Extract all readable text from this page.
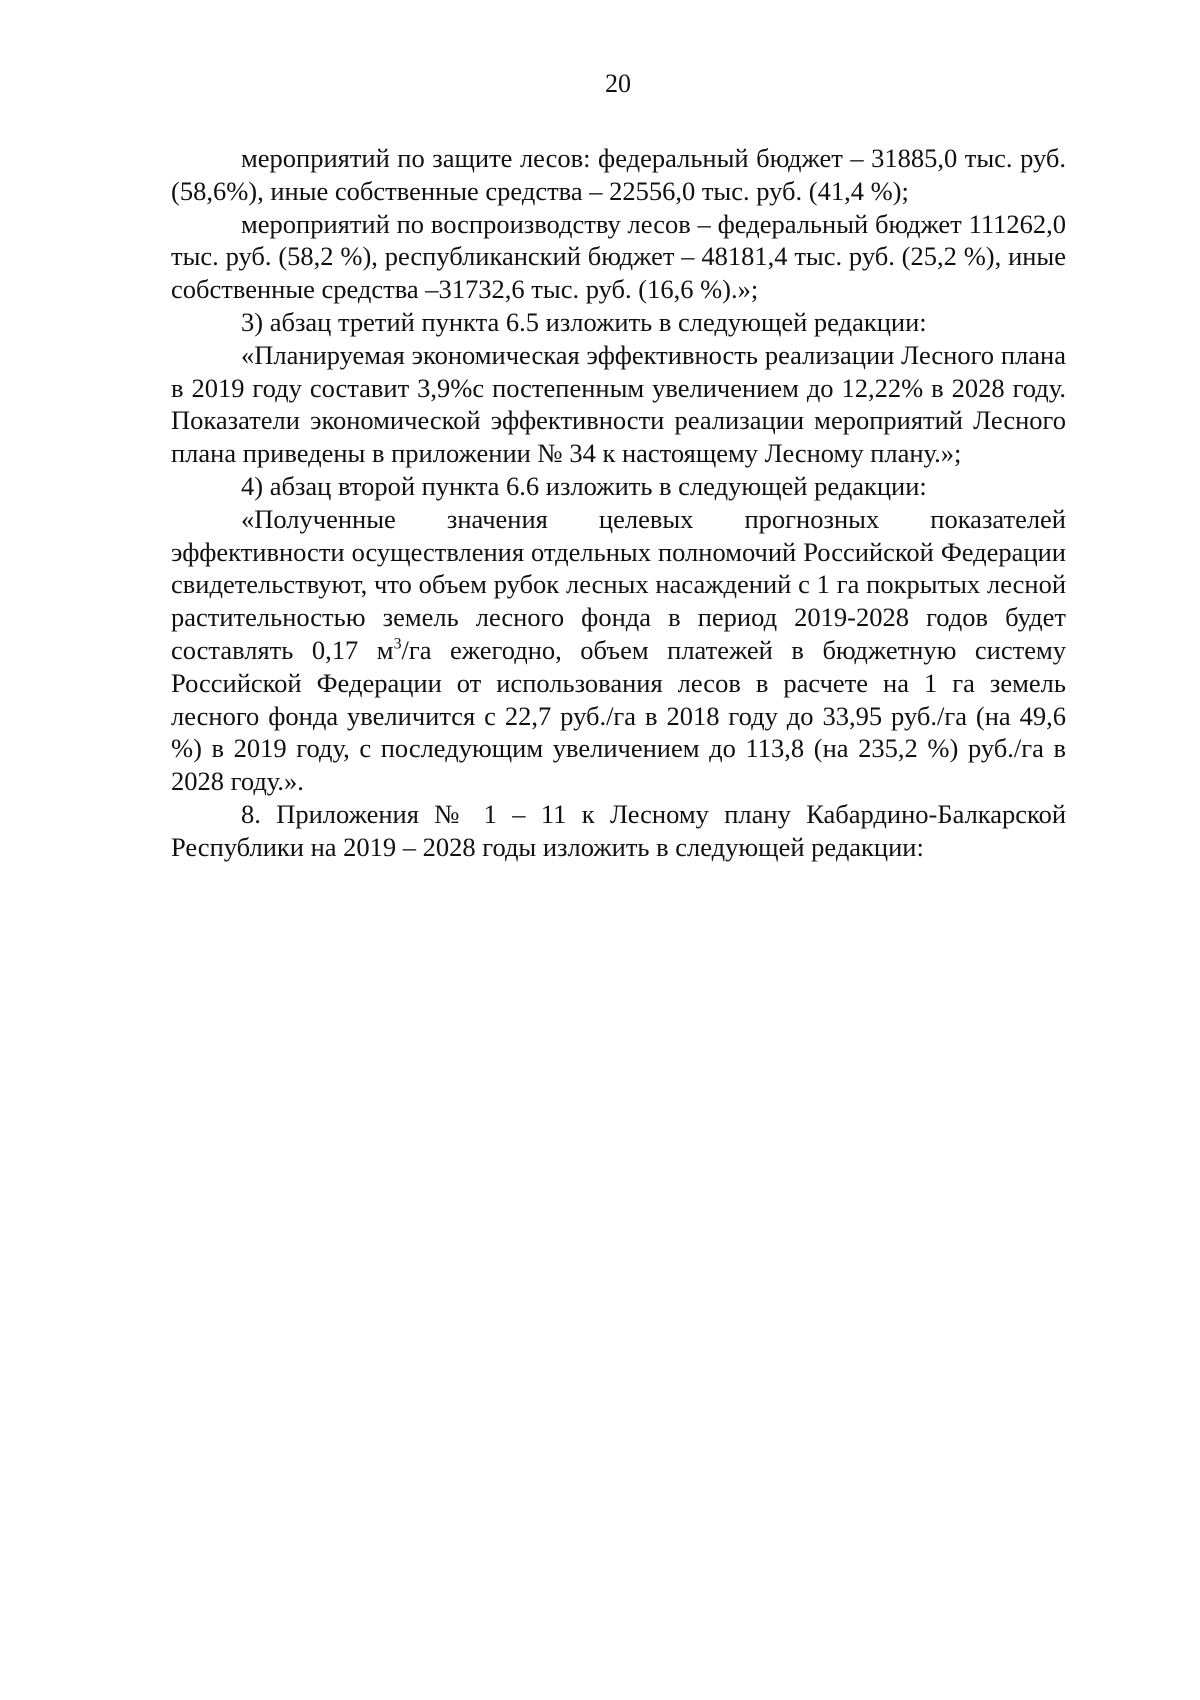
20

мероприятий по защите лесов: федеральный бюджет – 31885,0 тыс. руб. (58,6%), иные собственные средства – 22556,0 тыс. руб. (41,4 %);

мероприятий по воспроизводству лесов – федеральный бюджет 111262,0 тыс. руб. (58,2 %), республиканский бюджет – 48181,4 тыс. руб. (25,2 %), иные собственные средства –31732,6 тыс. руб. (16,6 %).»;

3) абзац третий пункта 6.5 изложить в следующей редакции:

«Планируемая экономическая эффективность реализации Лесного плана в 2019 году составит 3,9%с постепенным увеличением до 12,22% в 2028 году. Показатели экономической эффективности реализации мероприятий Лесного плана приведены в приложении № 34 к настоящему Лесному плану.»;

4) абзац второй пункта 6.6 изложить в следующей редакции:

«Полученные значения целевых прогнозных показателей эффективности осуществления отдельных полномочий Российской Федерации свидетельствуют, что объем рубок лесных насаждений с 1 га покрытых лесной растительностью земель лесного фонда в период 2019-2028 годов будет составлять 0,17 $м^3/га$ ежегодно, объем платежей в бюджетную систему Российской Федерации от использования лесов в расчете на 1 га земель лесного фонда увеличится с 22,7 руб./га в 2018 году до 33,95 руб./га (на 49,6 %) в 2019 году, с последующим увеличением до 113,8 (на 235,2 %) руб./га в 2028 году.».

8. Приложения № 1 – 11 к Лесному плану Кабардино-Балкарской Республики на 2019 – 2028 годы изложить в следующей редакции:
